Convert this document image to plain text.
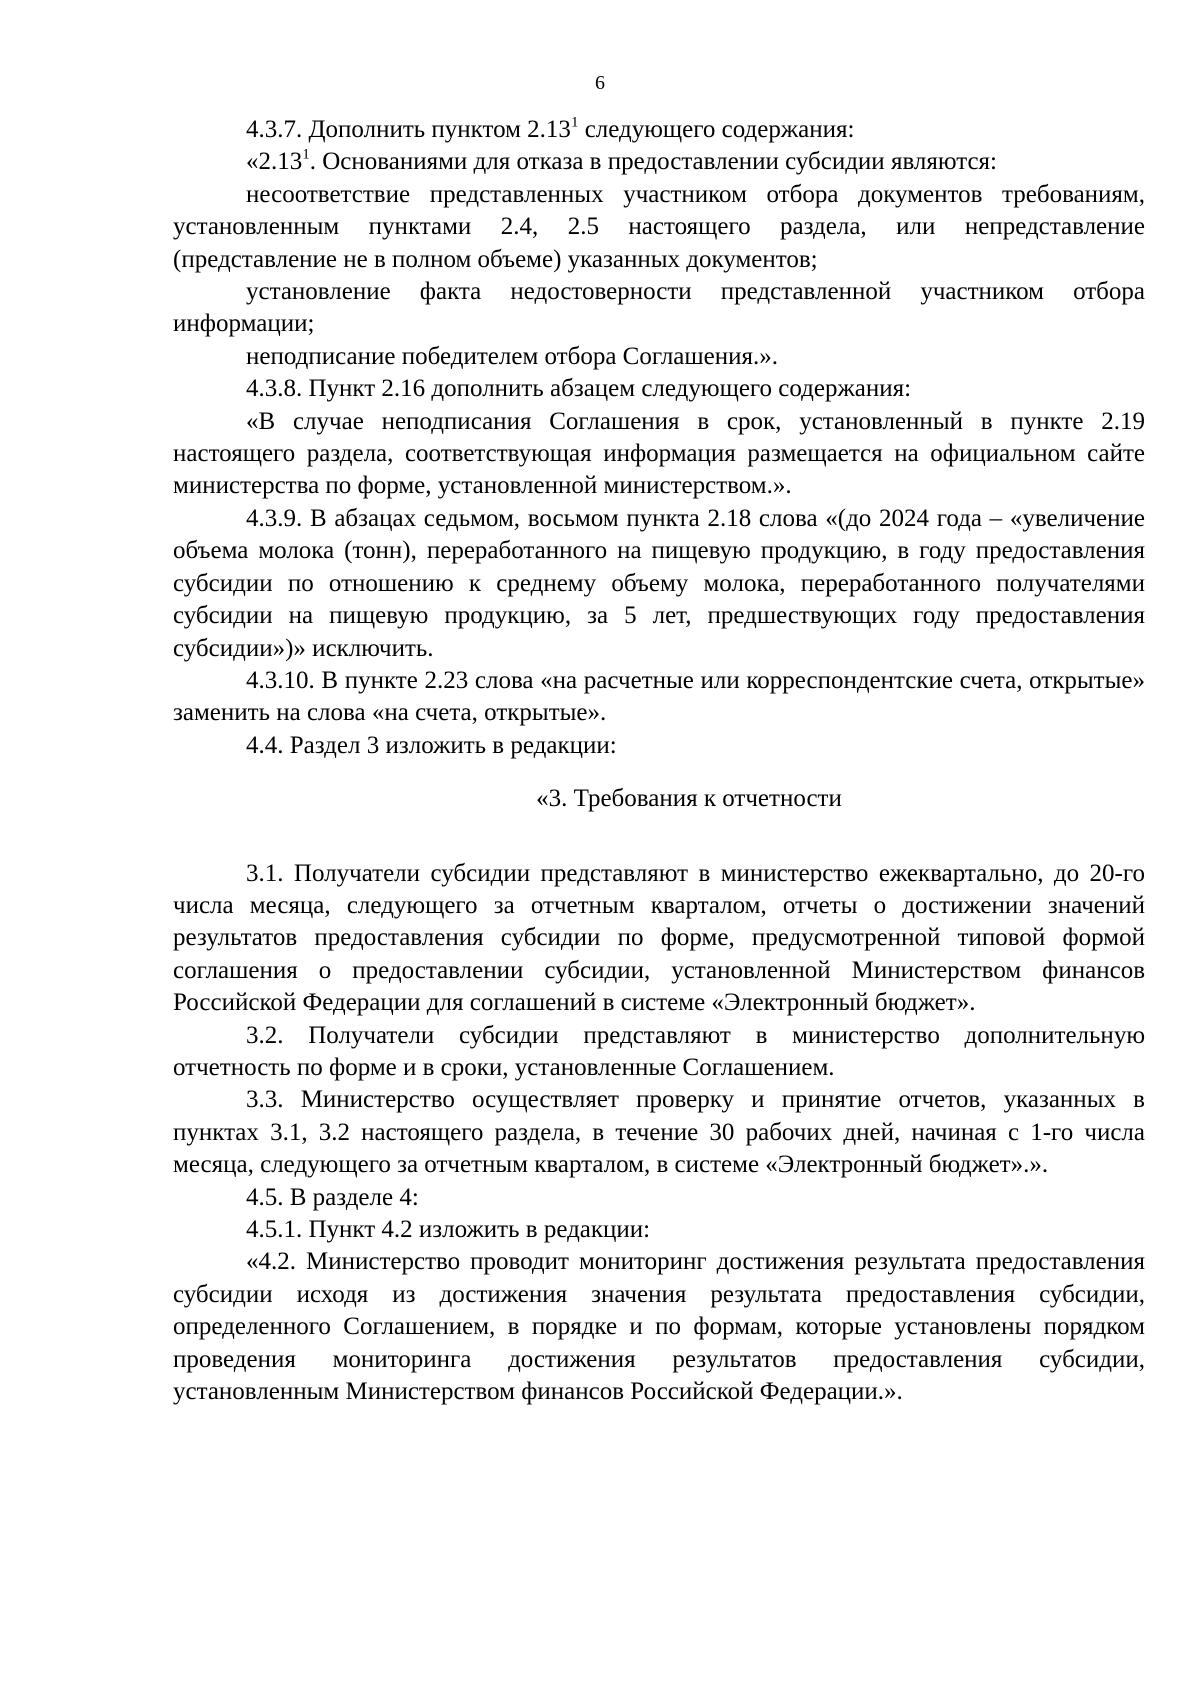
6

4.3.7. Дополнить пунктом 2.13$^1$ следующего содержания:

«2.13$^1$. Основаниями для отказа в предоставлении субсидии являются:

несоответствие представленных участником отбора документов требованиям, установленным пунктами 2.4, 2.5 настоящего раздела, или непредставление (представление не в полном объеме) указанных документов;

установление факта недостоверности представленной участником отбора информации;

неподписание победителем отбора Соглашения.».

4.3.8. Пункт 2.16 дополнить абзацем следующего содержания:

«В случае неподписания Соглашения в срок, установленный в пункте 2.19 настоящего раздела, соответствующая информация размещается на официальном сайте министерства по форме, установленной министерством.».

4.3.9. В абзацах седьмом, восьмом пункта 2.18 слова «(до 2024 года – «увеличение объема молока (тонн), переработанного на пищевую продукцию, в году предоставления субсидии по отношению к среднему объему молока, переработанного получателями субсидии на пищевую продукцию, за 5 лет, предшествующих году предоставления субсидии»)» исключить.

4.3.10. В пункте 2.23 слова «на расчетные или корреспондентские счета, открытые» заменить на слова «на счета, открытые».

4.4. Раздел 3 изложить в редакции:

«3. Требования к отчетности

3.1. Получатели субсидии представляют в министерство ежеквартально, до 20-го числа месяца, следующего за отчетным кварталом, отчеты о достижении значений результатов предоставления субсидии по форме, предусмотренной типовой формой соглашения о предоставлении субсидии, установленной Министерством финансов Российской Федерации для соглашений в системе «Электронный бюджет».

3.2. Получатели субсидии представляют в министерство дополнительную отчетность по форме и в сроки, установленные Соглашением.

3.3. Министерство осуществляет проверку и принятие отчетов, указанных в пунктах 3.1, 3.2 настоящего раздела, в течение 30 рабочих дней, начиная с 1-го числа месяца, следующего за отчетным кварталом, в системе «Электронный бюджет».».

4.5. В разделе 4:

4.5.1. Пункт 4.2 изложить в редакции:

«4.2. Министерство проводит мониторинг достижения результата предоставления субсидии исходя из достижения значения результата предоставления субсидии, определенного Соглашением, в порядке и по формам, которые установлены порядком проведения мониторинга достижения результатов предоставления субсидии, установленным Министерством финансов Российской Федерации.».
